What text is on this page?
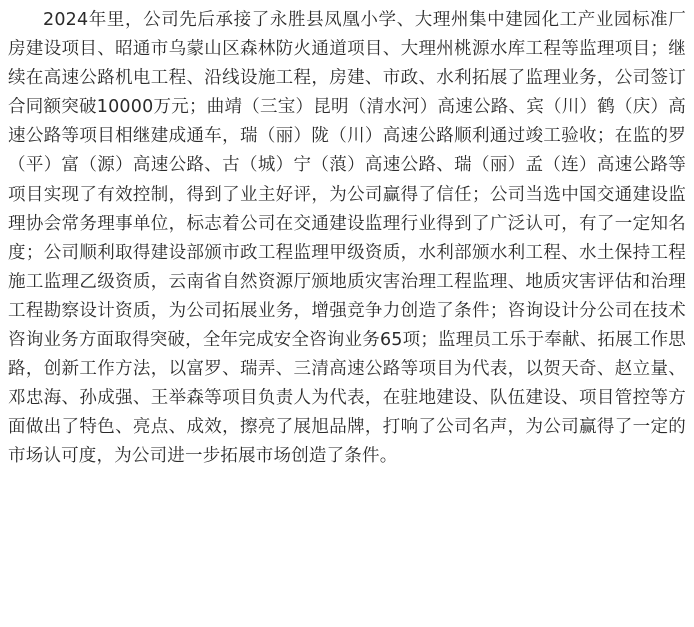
2024年里，公司先后承接了永胜县凤凰小学、大理州集中建园化工产业园标准厂房建设项目、昭通市乌蒙山区森林防火通道项目、大理州桃源水库工程等监理项目；继续在高速公路机电工程、沿线设施工程，房建、市政、水利拓展了监理业务，公司签订合同额突破10000万元；曲靖（三宝）昆明（清水河）高速公路、宾（川）鹤（庆）高速公路等项目相继建成通车，瑞（丽）陇（川）高速公路顺利通过竣工验收；在监的罗（平）富（源）高速公路、古（城）宁（蒗）高速公路、瑞（丽）孟（连）高速公路等项目实现了有效控制，得到了业主好评，为公司赢得了信任；公司当选中国交通建设监理协会常务理事单位，标志着公司在交通建设监理行业得到了广泛认可，有了一定知名度；公司顺利取得建设部颁市政工程监理甲级资质，水利部颁水利工程、水土保持工程施工监理乙级资质，云南省自然资源厅颁地质灾害治理工程监理、地质灾害评估和治理工程勘察设计资质，为公司拓展业务，增强竞争力创造了条件；咨询设计分公司在技术咨询业务方面取得突破，全年完成安全咨询业务65项；监理员工乐于奉献、拓展工作思路，创新工作方法，以富罗、瑞弄、三清高速公路等项目为代表，以贺天奇、赵立量、邓忠海、孙成强、王举森等项目负责人为代表，在驻地建设、队伍建设、项目管控等方面做出了特色、亮点、成效，擦亮了展旭品牌，打响了公司名声，为公司赢得了一定的市场认可度，为公司进一步拓展市场创造了条件。
